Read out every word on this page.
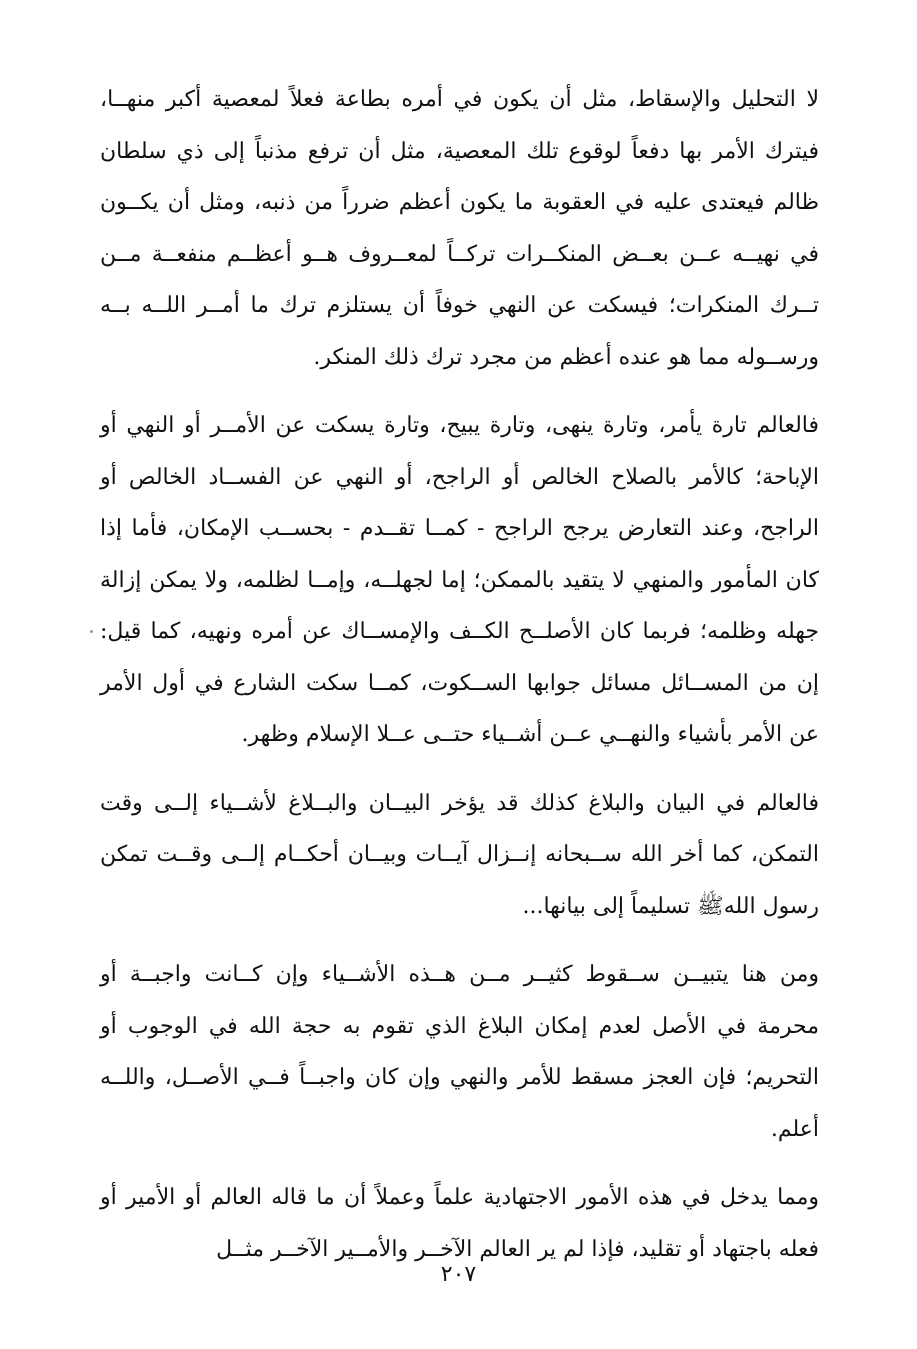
لا التحليل والإسقاط، مثل أن يكون في أمره بطاعة فعلاً لمعصية أكبر منهــا، فيترك الأمر بها دفعاً لوقوع تلك المعصية، مثل أن ترفع مذنباً إلى ذي سلطان ظالم فيعتدى عليه في العقوبة ما يكون أعظم ضرراً من ذنبه، ومثل أن يكــون في نهيــه عــن بعــض المنكــرات تركــاً لمعــروف هــو أعظــم منفعــة مــن تــرك المنكرات؛ فيسكت عن النهي خوفاً أن يستلزم ترك ما أمــر اللــه بــه ورســوله مما هو عنده أعظم من مجرد ترك ذلك المنكر.

فالعالم تارة يأمر، وتارة ينهى، وتارة يبيح، وتارة يسكت عن الأمــر أو النهي أو الإباحة؛ كالأمر بالصلاح الخالص أو الراجح، أو النهي عن الفســاد الخالص أو الراجح، وعند التعارض يرجح الراجح - كمــا تقــدم - بحســب الإمكان، فأما إذا كان المأمور والمنهي لا يتقيد بالممكن؛ إما لجهلــه، وإمــا لظلمه، ولا يمكن إزالة جهله وظلمه؛ فربما كان الأصلــح الكــف والإمســاك عن أمره ونهيه، كما قيل: إن من المســائل مسائل جوابها الســكوت، كمــا سكت الشارع في أول الأمر عن الأمر بأشياء والنهــي عــن أشــياء حتــى عــلا الإسلام وظهر.

فالعالم في البيان والبلاغ كذلك قد يؤخر البيــان والبــلاغ لأشــياء إلــى وقت التمكن، كما أخر الله ســبحانه إنــزال آيــات وبيــان أحكــام إلــى وقــت تمكن رسول اللهﷺ تسليماً إلى بيانها...

ومن هنا يتبيــن ســقوط كثيــر مــن هــذه الأشــياء وإن كــانت واجبــة أو محرمة في الأصل لعدم إمكان البلاغ الذي تقوم به حجة الله في الوجوب أو التحريم؛ فإن العجز مسقط للأمر والنهي وإن كان واجبــاً فــي الأصــل، واللــه أعلم.

ومما يدخل في هذه الأمور الاجتهادية علماً وعملاً أن ما قاله العالم أو الأمير أو فعله باجتهاد أو تقليد، فإذا لم ير العالم الآخــر والأمــير الآخــر مثــل

٢٠٧
